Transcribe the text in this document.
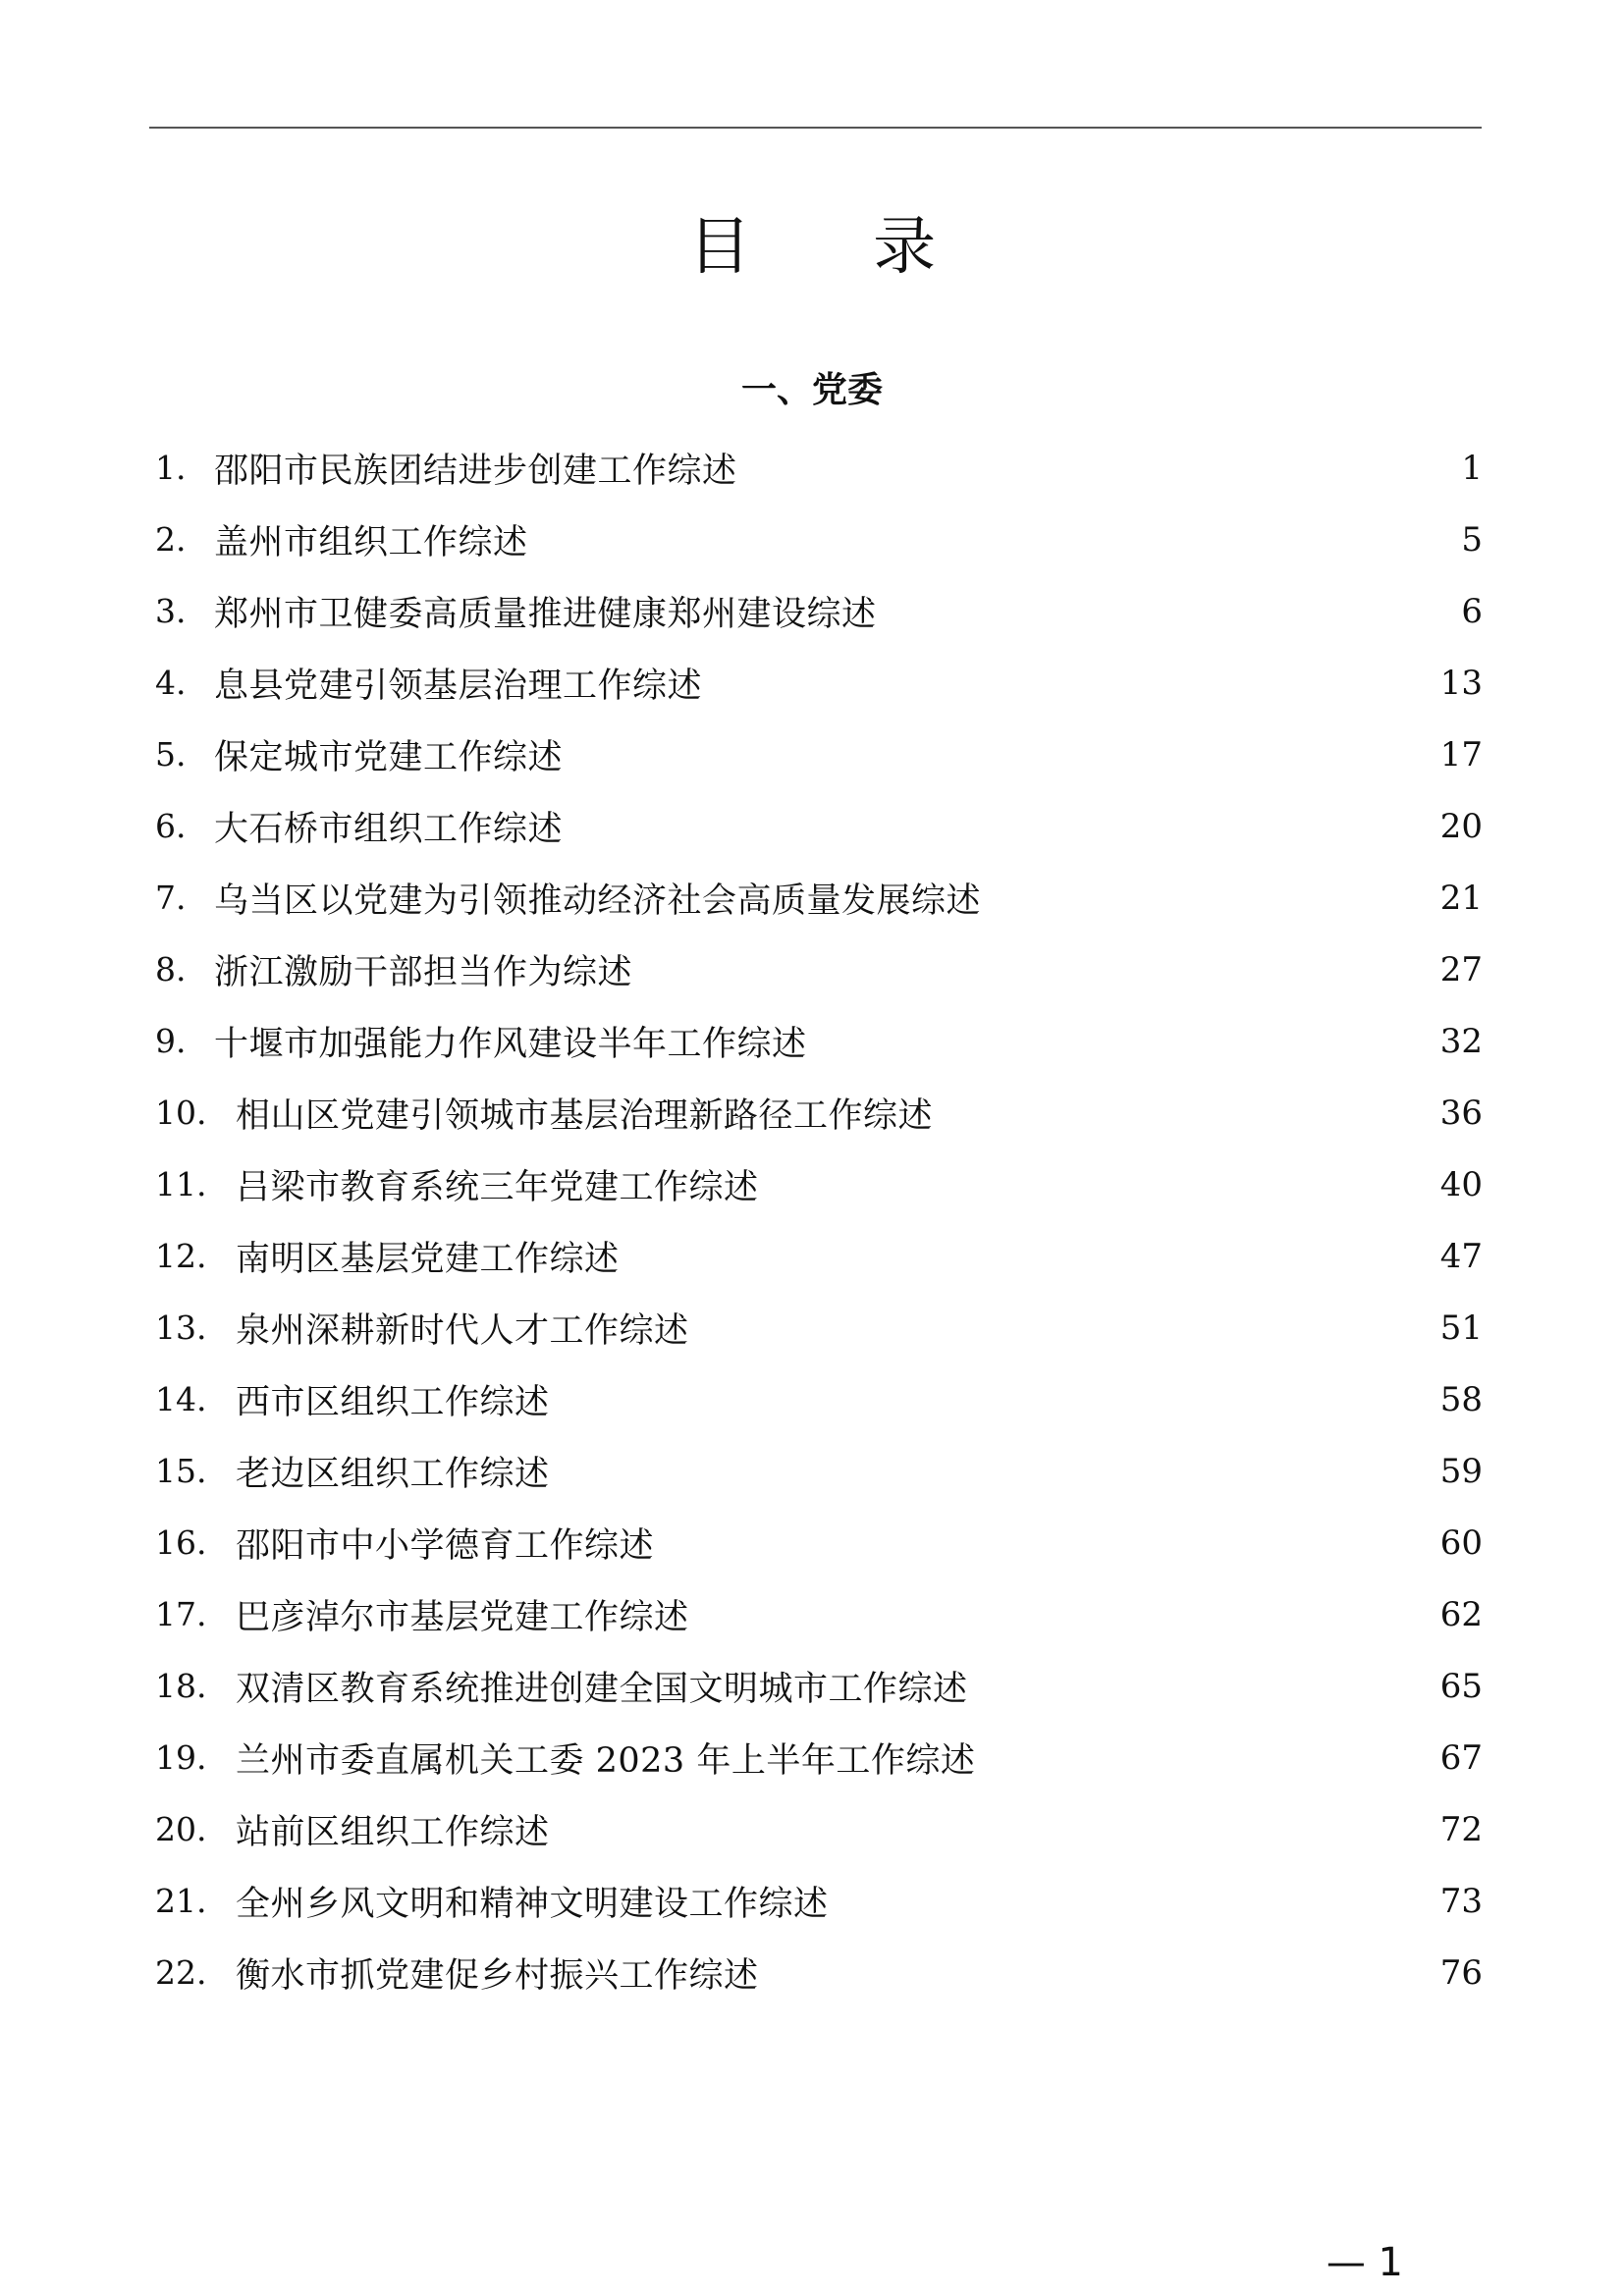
目 录
一、党委
1. 邵阳市民族团结进步创建工作综述	1
2. 盖州市组织工作综述	5
3. 郑州市卫健委高质量推进健康郑州建设综述	6
4. 息县党建引领基层治理工作综述	13
5. 保定城市党建工作综述	17
6. 大石桥市组织工作综述	20
7. 乌当区以党建为引领推动经济社会高质量发展综述	21
8. 浙江激励干部担当作为综述	27
9. 十堰市加强能力作风建设半年工作综述	32
10. 相山区党建引领城市基层治理新路径工作综述	36
11. 吕梁市教育系统三年党建工作综述	40
12. 南明区基层党建工作综述	47
13. 泉州深耕新时代人才工作综述	51
14. 西市区组织工作综述	58
15. 老边区组织工作综述	59
16. 邵阳市中小学德育工作综述	60
17. 巴彦淖尔市基层党建工作综述	62
18. 双清区教育系统推进创建全国文明城市工作综述	65
19. 兰州市委直属机关工委 2023 年上半年工作综述	67
20. 站前区组织工作综述	72
21. 全州乡风文明和精神文明建设工作综述	73
22. 衡水市抓党建促乡村振兴工作综述	76
— 1
